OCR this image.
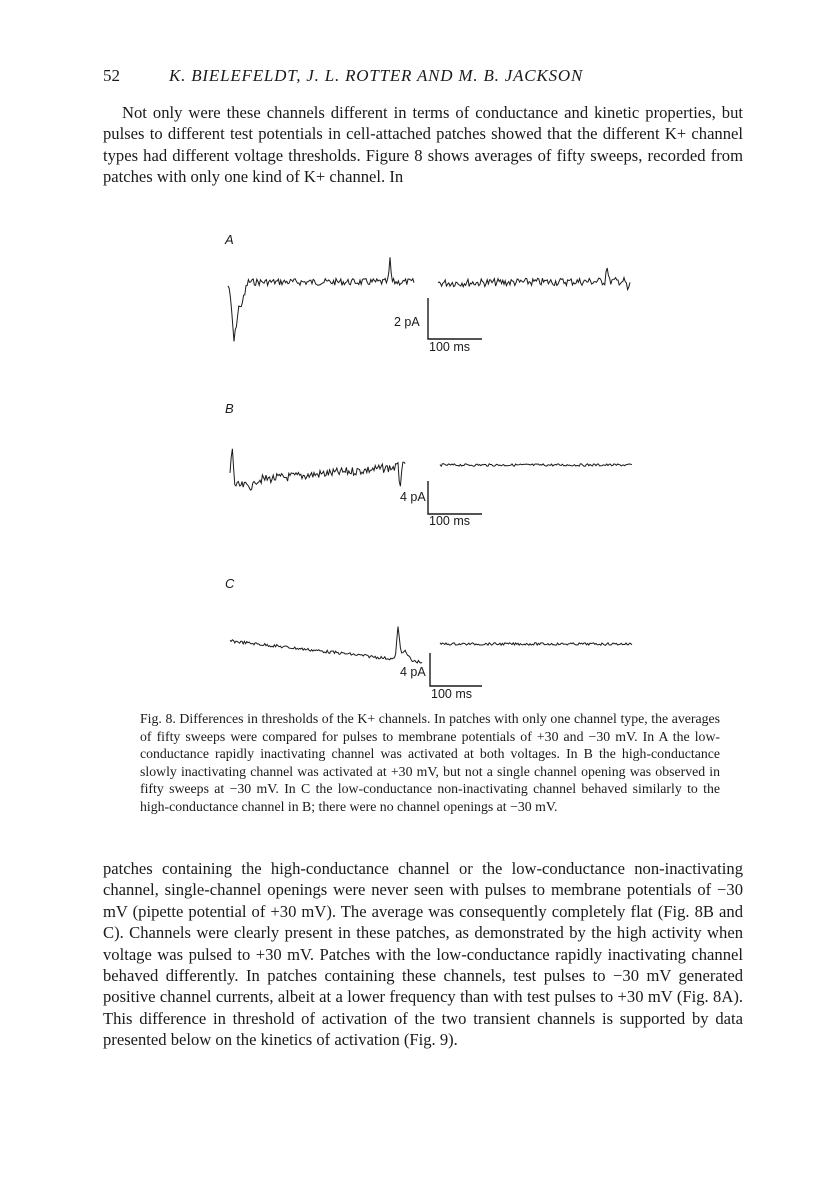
52	K. BIELEFELDT, J. L. ROTTER AND M. B. JACKSON

Not only were these channels different in terms of conductance and kinetic properties, but pulses to different test potentials in cell-attached patches showed that the different K+ channel types had different voltage thresholds. Figure 8 shows averages of fifty sweeps, recorded from patches with only one kind of K+ channel. In

A
2 pA
100 ms
B
4 pA
100 ms
C
4 pA
100 ms

Fig. 8. Differences in thresholds of the K+ channels. In patches with only one channel type, the averages of fifty sweeps were compared for pulses to membrane potentials of +30 and −30 mV. In A the low-conductance rapidly inactivating channel was activated at both voltages. In B the high-conductance slowly inactivating channel was activated at +30 mV, but not a single channel opening was observed in fifty sweeps at −30 mV. In C the low-conductance non-inactivating channel behaved similarly to the high-conductance channel in B; there were no channel openings at −30 mV.

patches containing the high-conductance channel or the low-conductance non-inactivating channel, single-channel openings were never seen with pulses to membrane potentials of −30 mV (pipette potential of +30 mV). The average was consequently completely flat (Fig. 8B and C). Channels were clearly present in these patches, as demonstrated by the high activity when voltage was pulsed to +30 mV. Patches with the low-conductance rapidly inactivating channel behaved differently. In patches containing these channels, test pulses to −30 mV generated positive channel currents, albeit at a lower frequency than with test pulses to +30 mV (Fig. 8A). This difference in threshold of activation of the two transient channels is supported by data presented below on the kinetics of activation (Fig. 9).
